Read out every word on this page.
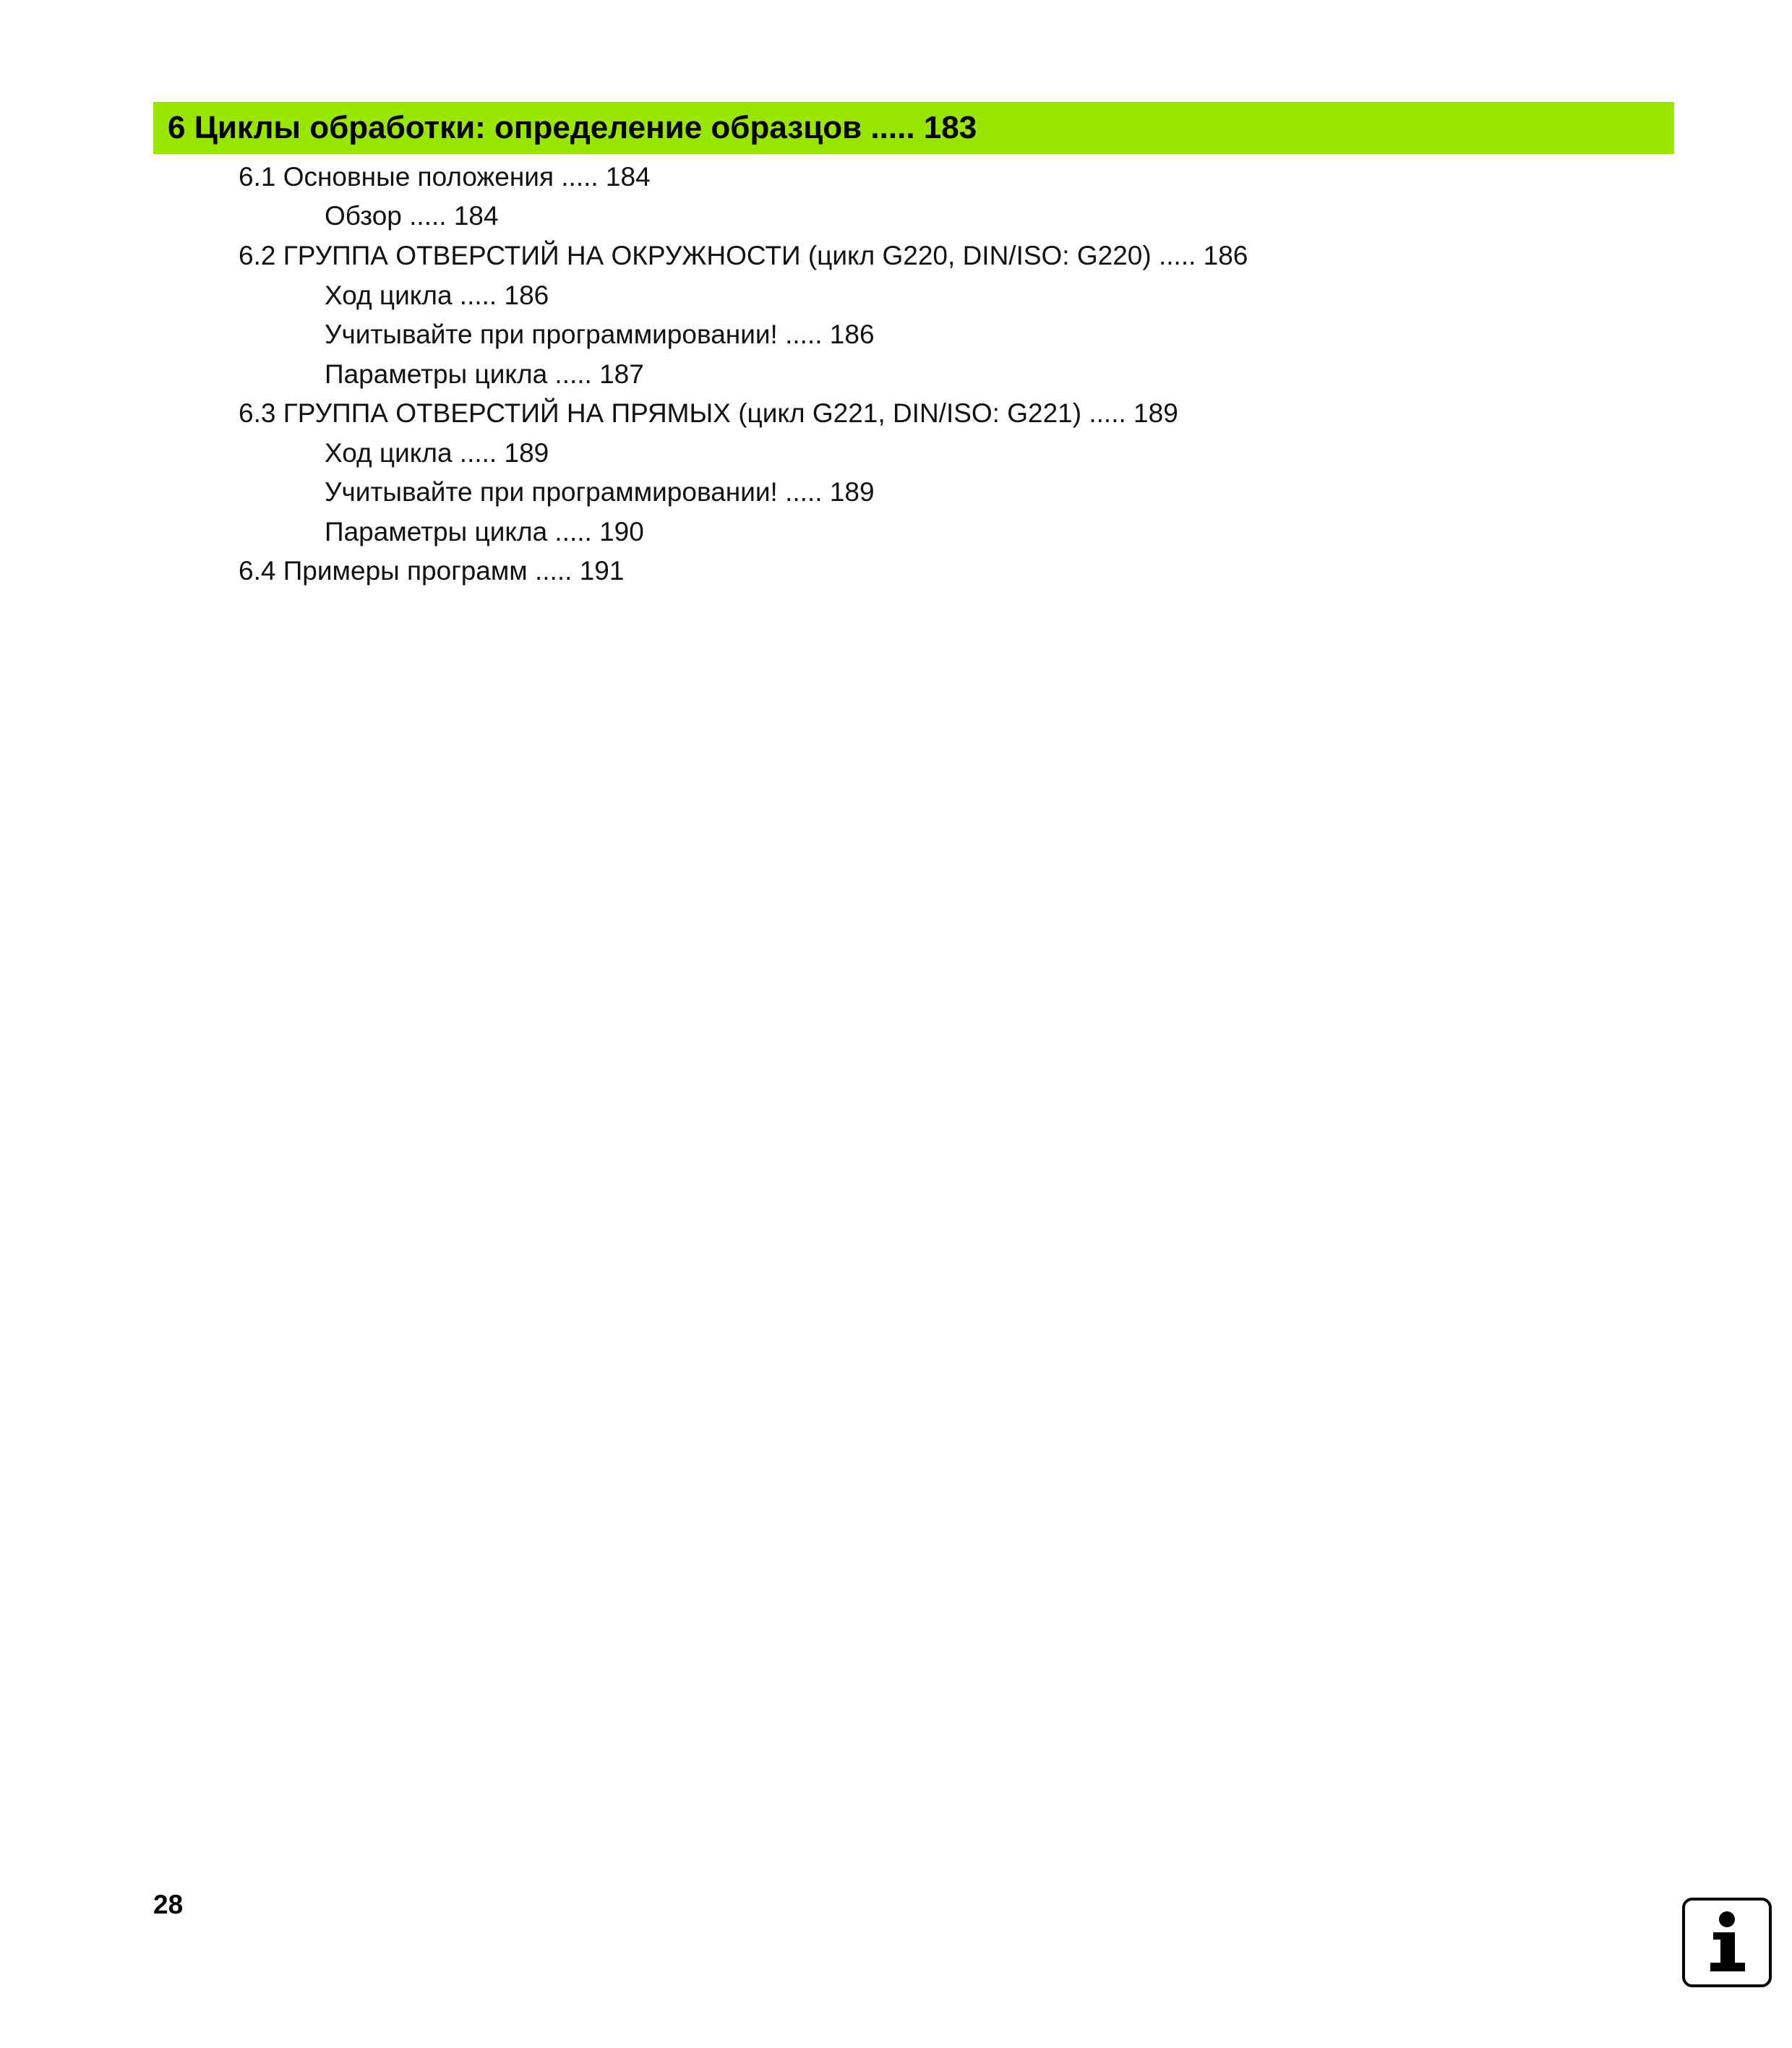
6 Циклы обработки: определение образцов ..... 183
6.1 Основные положения ..... 184
Обзор ..... 184
6.2 ГРУППА ОТВЕРСТИЙ НА ОКРУЖНОСТИ (цикл G220, DIN/ISO: G220) ..... 186
Ход цикла ..... 186
Учитывайте при программировании! ..... 186
Параметры цикла ..... 187
6.3 ГРУППА ОТВЕРСТИЙ НА ПРЯМЫХ (цикл G221, DIN/ISO: G221) ..... 189
Ход цикла ..... 189
Учитывайте при программировании! ..... 189
Параметры цикла ..... 190
6.4 Примеры программ ..... 191
28
